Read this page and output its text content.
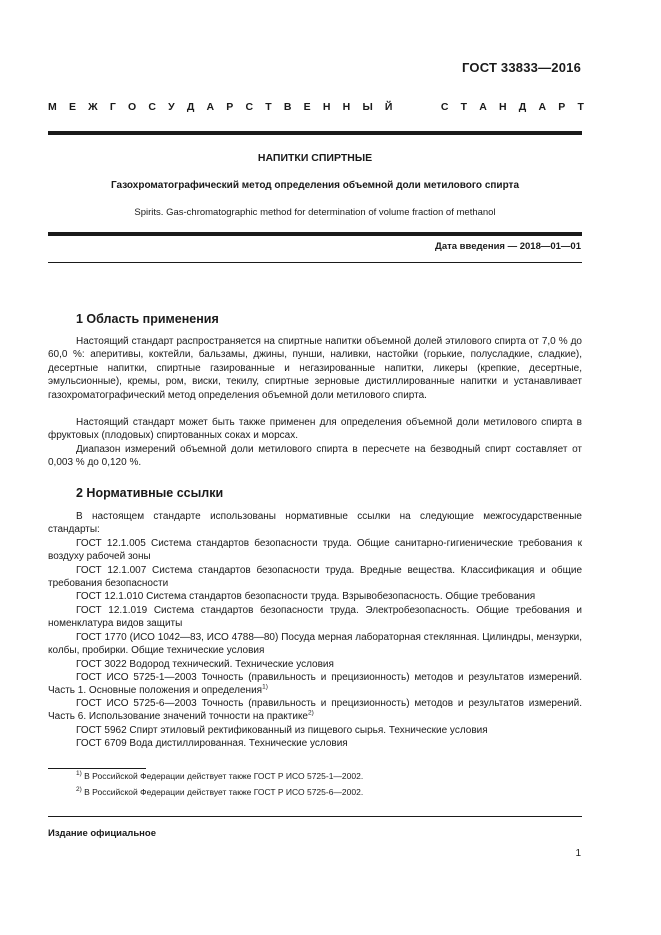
ГОСТ 33833—2016
М Е Ж Г О С У Д А Р С Т В Е Н Н Ы Й	С Т А Н Д А Р Т
НАПИТКИ СПИРТНЫЕ
Газохроматографический метод определения объемной доли метилового спирта
Spirits. Gas-chromatographic method for determination of volume fraction of methanol
Дата введения — 2018—01—01
1 Область применения

Настоящий стандарт распространяется на спиртные напитки объемной долей этилового спирта от 7,0 % до 60,0 %: аперитивы, коктейли, бальзамы, джины, пунши, наливки, настойки (горькие, полусладкие, сладкие), десертные напитки, спиртные газированные и негазированные напитки, ликеры (крепкие, десертные, эмульсионные), кремы, ром, виски, текилу, спиртные зерновые дистиллированные напитки и устанавливает газохроматографический метод определения объемной доли метилового спирта.

Настоящий стандарт может быть также применен для определения объемной доли метилового спирта в фруктовых (плодовых) спиртованных соках и морсах.

Диапазон измерений объемной доли метилового спирта в пересчете на безводный спирт составляет от 0,003 % до 0,120 %.

2 Нормативные ссылки

В настоящем стандарте использованы нормативные ссылки на следующие межгосударственные стандарты:

ГОСТ 12.1.005 Система стандартов безопасности труда. Общие санитарно-гигиенические требования к воздуху рабочей зоны

ГОСТ 12.1.007 Система стандартов безопасности труда. Вредные вещества. Классификация и общие требования безопасности

ГОСТ 12.1.010 Система стандартов безопасности труда. Взрывобезопасность. Общие требования

ГОСТ 12.1.019 Система стандартов безопасности труда. Электробезопасность. Общие требования и номенклатура видов защиты

ГОСТ 1770 (ИСО 1042—83, ИСО 4788—80) Посуда мерная лабораторная стеклянная. Цилиндры, мензурки, колбы, пробирки. Общие технические условия

ГОСТ 3022 Водород технический. Технические условия

ГОСТ ИСО 5725-1—2003 Точность (правильность и прецизионность) методов и результатов измерений. Часть 1. Основные положения и определения$^{1)}$

ГОСТ ИСО 5725-6—2003 Точность (правильность и прецизионность) методов и результатов измерений. Часть 6. Использование значений точности на практике$^{2)}$

ГОСТ 5962 Спирт этиловый ректификованный из пищевого сырья. Технические условия

ГОСТ 6709 Вода дистиллированная. Технические условия

$^{1)}$ В Российской Федерации действует также ГОСТ Р ИСО 5725-1—2002.
$^{2)}$ В Российской Федерации действует также ГОСТ Р ИСО 5725-6—2002.
Издание официальное
1
